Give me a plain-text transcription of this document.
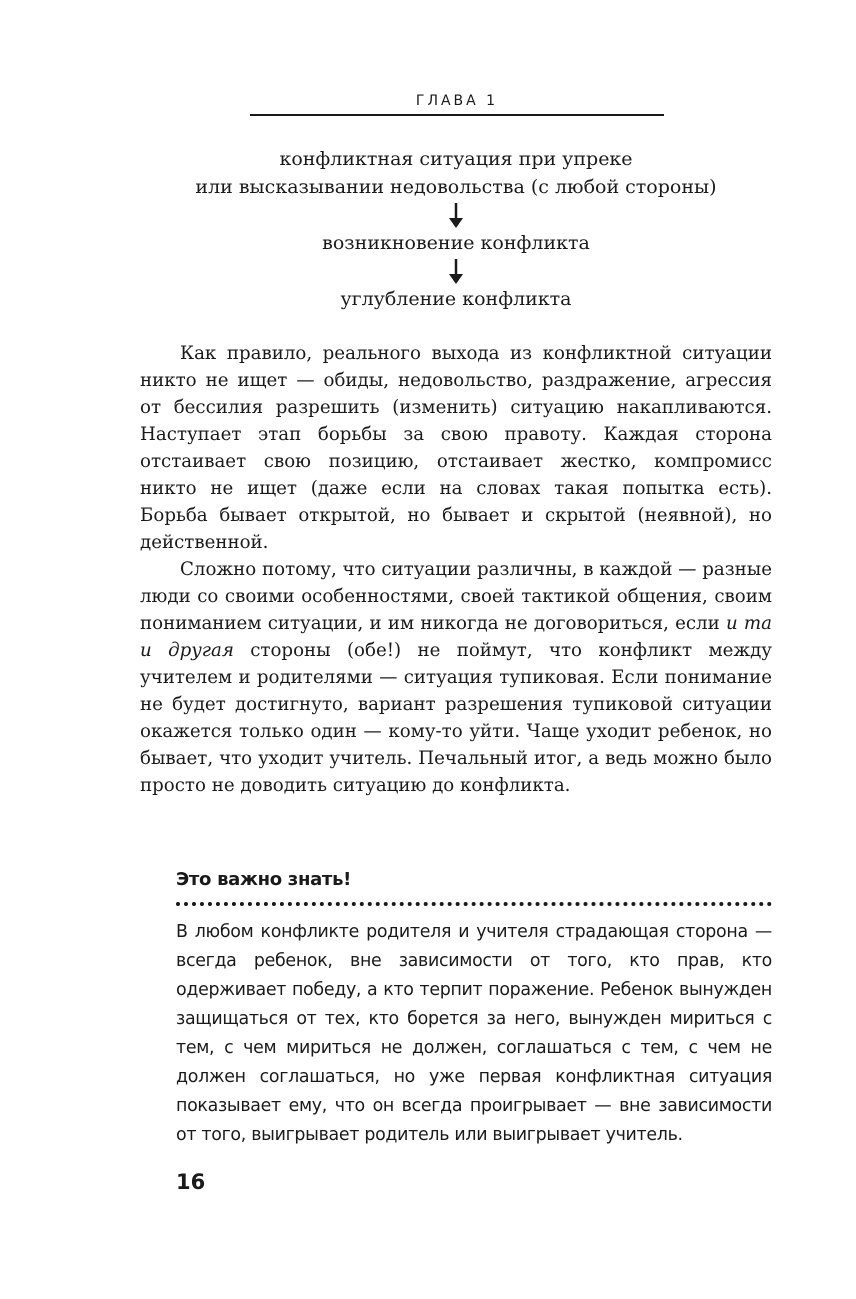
ГЛАВА 1
конфликтная ситуация при упреке
или высказывании недовольства (с любой стороны)
возникновение конфликта
углубление конфликта

Как правило, реального выхода из конфликтной ситуации никто не ищет — обиды, недовольство, раздражение, агрессия от бессилия разрешить (изменить) ситуацию накапливаются. Наступает этап борьбы за свою правоту. Каждая сторона отстаивает свою позицию, отстаивает жестко, компромисс никто не ищет (даже если на словах такая попытка есть). Борьба бывает открытой, но бывает и скрытой (неявной), но действенной.

Сложно потому, что ситуации различны, в каждой — разные люди со своими особенностями, своей тактикой общения, своим пониманием ситуации, и им никогда не договориться, если и та и другая стороны (обе!) не поймут, что конфликт между учителем и родителями — ситуация тупиковая. Если понимание не будет достигнуто, вариант разрешения тупиковой ситуации окажется только один — кому-то уйти. Чаще уходит ребенок, но бывает, что уходит учитель. Печальный итог, а ведь можно было просто не доводить ситуацию до конфликта.

Это важно знать!
В любом конфликте родителя и учителя страдающая сторона — всегда ребенок, вне зависимости от того, кто прав, кто одерживает победу, а кто терпит поражение. Ребенок вынужден защищаться от тех, кто борется за него, вынужден мириться с тем, с чем мириться не должен, соглашаться с тем, с чем не должен соглашаться, но уже первая конфликтная ситуация показывает ему, что он всегда проигрывает — вне зависимости от того, выигрывает родитель или выигрывает учитель.
16
